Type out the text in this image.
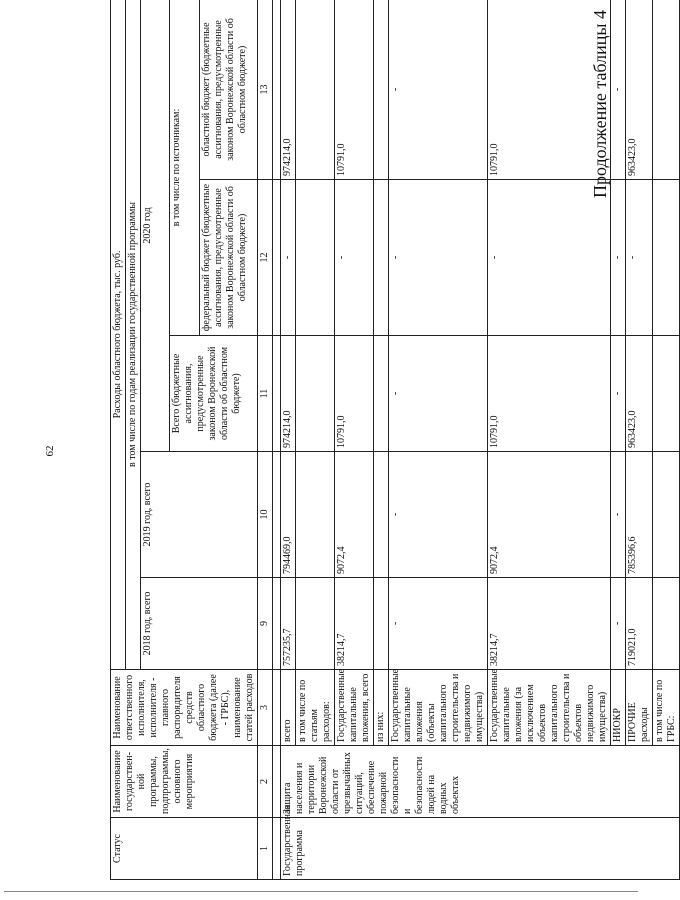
62
Продолжение таблицы 4
Статус	Наименование государствен-ной программы, подпрограммы, основного мероприятия	Наименование ответственного исполнителя, исполнителя - главного распорядителя средств областного бюджета (далее - ГРБС), наименование статей расходов	Расходы областного бюджета, тыс. руб.				
			в том числе по годам реализации государственной программы				
			2018 год, всего	2019 год, всего	2020 год		
					Всего (бюджетные ассигнования, предусмотренные законом Воронежской области об областном бюджете)	в том числе по источникам:	
						федеральный бюджет (бюджетные ассигнования, предусмотренные законом Воронежской области об областном бюджете)	областной бюджет (бюджетные ассигнования, предусмотренные законом Воронежской области об областном бюджете)
1	2	3	9	10	11	12	13

Государственная программа	Защита населения и территории Воронежской области от чрезвычайных ситуаций, обеспечение пожарной безопасности и безопасности людей на водных объектах	всего	757235,7	794469,0	974214,0	-	974214,0
		в том числе по статьям расходов:					
		Государственные капитальные вложения, всего	38214,7	9072,4	10791,0	-	10791,0
		из них:					
		Государственные капитальные вложения (объекты капитального строительства и недвижимого имущества)	-	-	-	-	-
		Государственные капитальные вложения (за исключением объектов капитального строительства и объектов недвижимого имущества)	38214,7	9072,4	10791,0	-	10791,0
		НИОКР	-	-	-	-	-
		ПРОЧИЕ расходы	719021,0	785396,6	963423,0	-	963423,0
		в том числе по ГРБС:					
